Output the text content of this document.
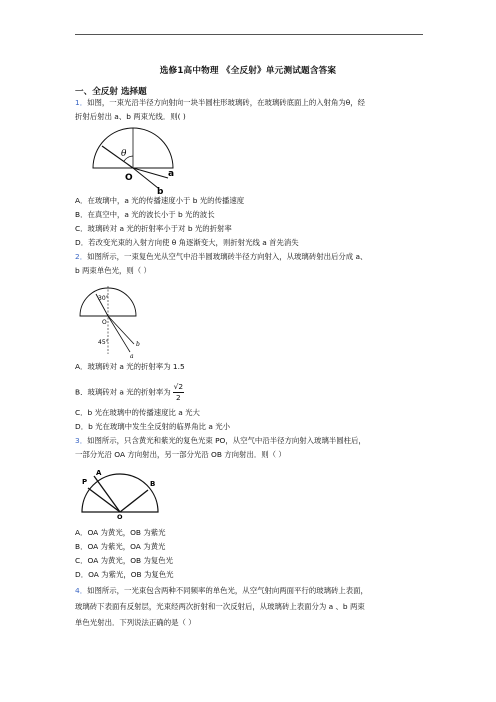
选修1高中物理 《全反射》单元测试题含答案
一、全反射 选择题
1．如图，一束光沿半径方向射向一块半圆柱形玻璃砖，在玻璃砖底面上的入射角为θ，经
折射后射出 a、b 两束光线．则( )
θ
O	a
b
A．在玻璃中，a 光的传播速度小于 b 光的传播速度
B．在真空中，a 光的波长小于 b 光的波长
C．玻璃砖对 a 光的折射率小于对 b 光的折射率
D．若改变光束的入射方向使 θ 角逐渐变大，则折射光线 a 首先消失
2．如图所示，一束复色光从空气中沿半圆玻璃砖半径方向射入，从玻璃砖射出后分成 a、
b 两束单色光，则（ ）
30°
O
45°
a
b
A．玻璃砖对 a 光的折射率为 1.5
B．玻璃砖对 a 光的折射率为 $\frac{√2}{2}$
C．b 光在玻璃中的传播速度比 a 光大
D．b 光在玻璃中发生全反射的临界角比 a 光小
3．如图所示，只含黄光和紫光的复色光束 PO，从空气中沿半径方向射入玻璃半圆柱后，
一部分光沿 OA 方向射出，另一部分光沿 OB 方向射出．则（ ）
P
A
B
O
A．OA 为黄光，OB 为紫光
B．OA 为紫光，OA 为黄光
C．OA 为黄光，OB 为复色光
D．OA 为紫光，OB 为复色光
4．如图所示，一光束包含两种不同频率的单色光，从空气射向两面平行的玻璃砖上表面，
玻璃砖下表面有反射层，光束经两次折射和一次反射后，从玻璃砖上表面分为 a 、b 两束
单色光射出．下列说法正确的是（ ）
